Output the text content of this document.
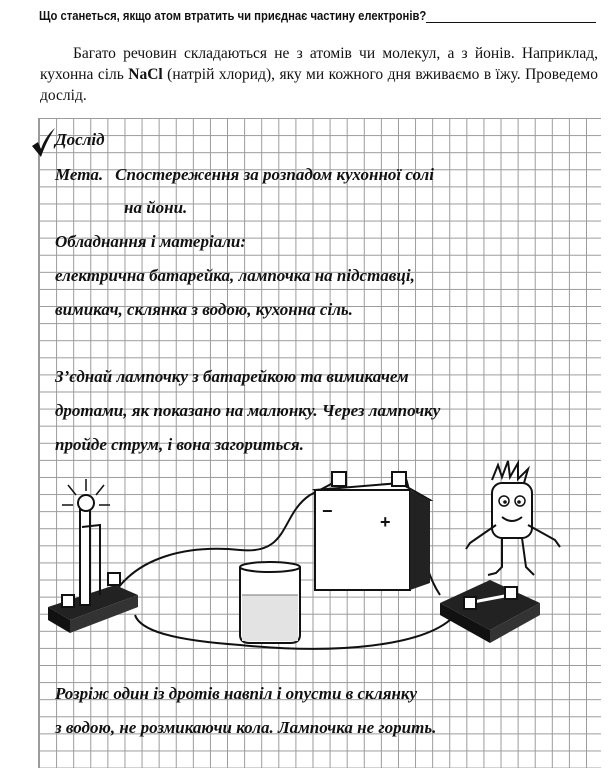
Що станеться, якщо атом втратить чи приєднає частину електронів?

Багато речовин складаються не з атомів чи молекул, а з йонів. Наприклад, кухонна сіль NaCl (натрій хлорид), яку ми кожного дня вживаємо в їжу. Проведемо дослід.

Дослід
Мета. Спостереження за розпадом кухонної солі
на йони.
Обладнання і матеріали:
електрична батарейка, лампочка на підставці,
вимикач, склянка з водою, кухонна сіль.
З’єднай лампочку з батарейкою та вимикачем
дротами, як показано на малюнку. Через лампочку
пройде струм, і вона загориться.
Розріж один із дротів навпіл і опусти в склянку
з водою, не розмикаючи кола. Лампочка не горить.
−
+
